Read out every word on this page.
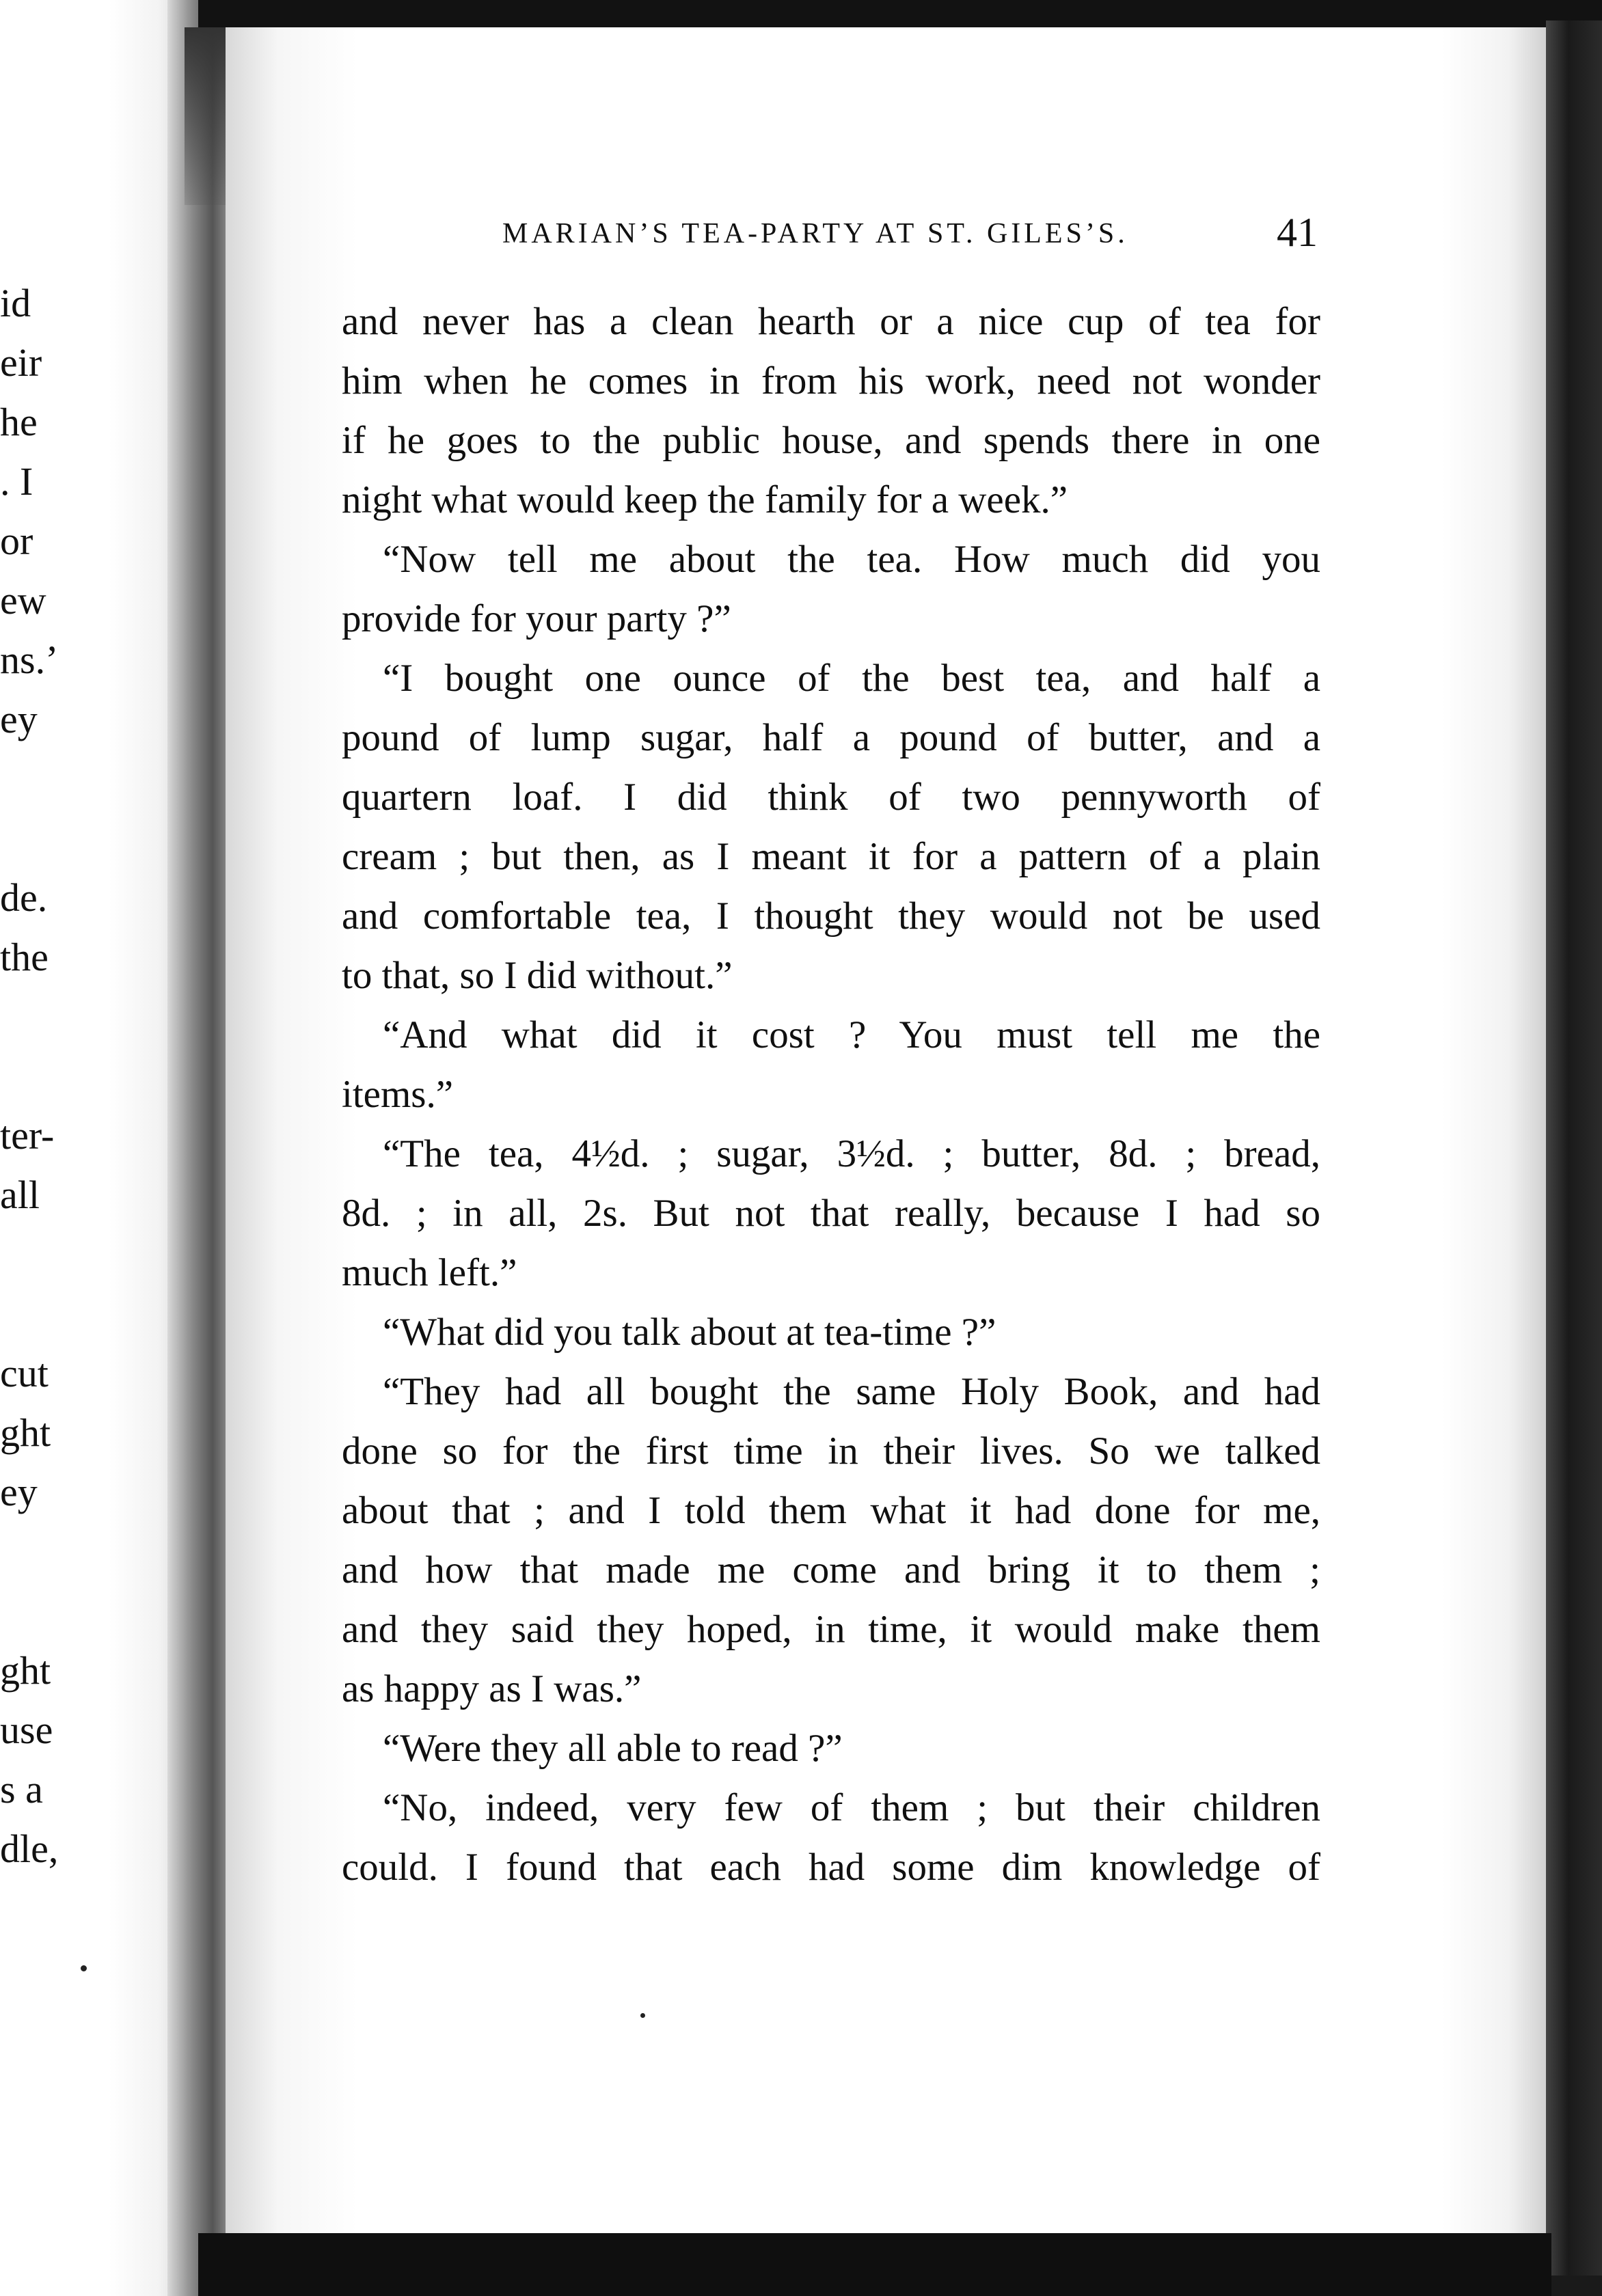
id
eir
he
. I
or
ew
ns.’
ey
de.
the
ter-
all
cut
ght
ey
ght
use
s a
dle,
MARIAN’S TEA-PARTY AT ST. GILES’S.	41
and never has a clean hearth or a nice cup of tea for
him when he comes in from his work, need not wonder
if he goes to the public house, and spends there in one
night what would keep the family for a week.”
“Now tell me about the tea. How much did you
provide for your party ?”
“I bought one ounce of the best tea, and half a
pound of lump sugar, half a pound of butter, and a
quartern loaf. I did think of two pennyworth of
cream ; but then, as I meant it for a pattern of a plain
and comfortable tea, I thought they would not be used
to that, so I did without.”
“And what did it cost ? You must tell me the
items.”
“The tea, 4½d. ; sugar, 3½d. ; butter, 8d. ; bread,
8d. ; in all, 2s. But not that really, because I had so
much left.”
“What did you talk about at tea-time ?”
“They had all bought the same Holy Book, and had
done so for the first time in their lives. So we talked
about that ; and I told them what it had done for me,
and how that made me come and bring it to them ;
and they said they hoped, in time, it would make them
as happy as I was.”
“Were they all able to read ?”
“No, indeed, very few of them ; but their children
could. I found that each had some dim knowledge of
